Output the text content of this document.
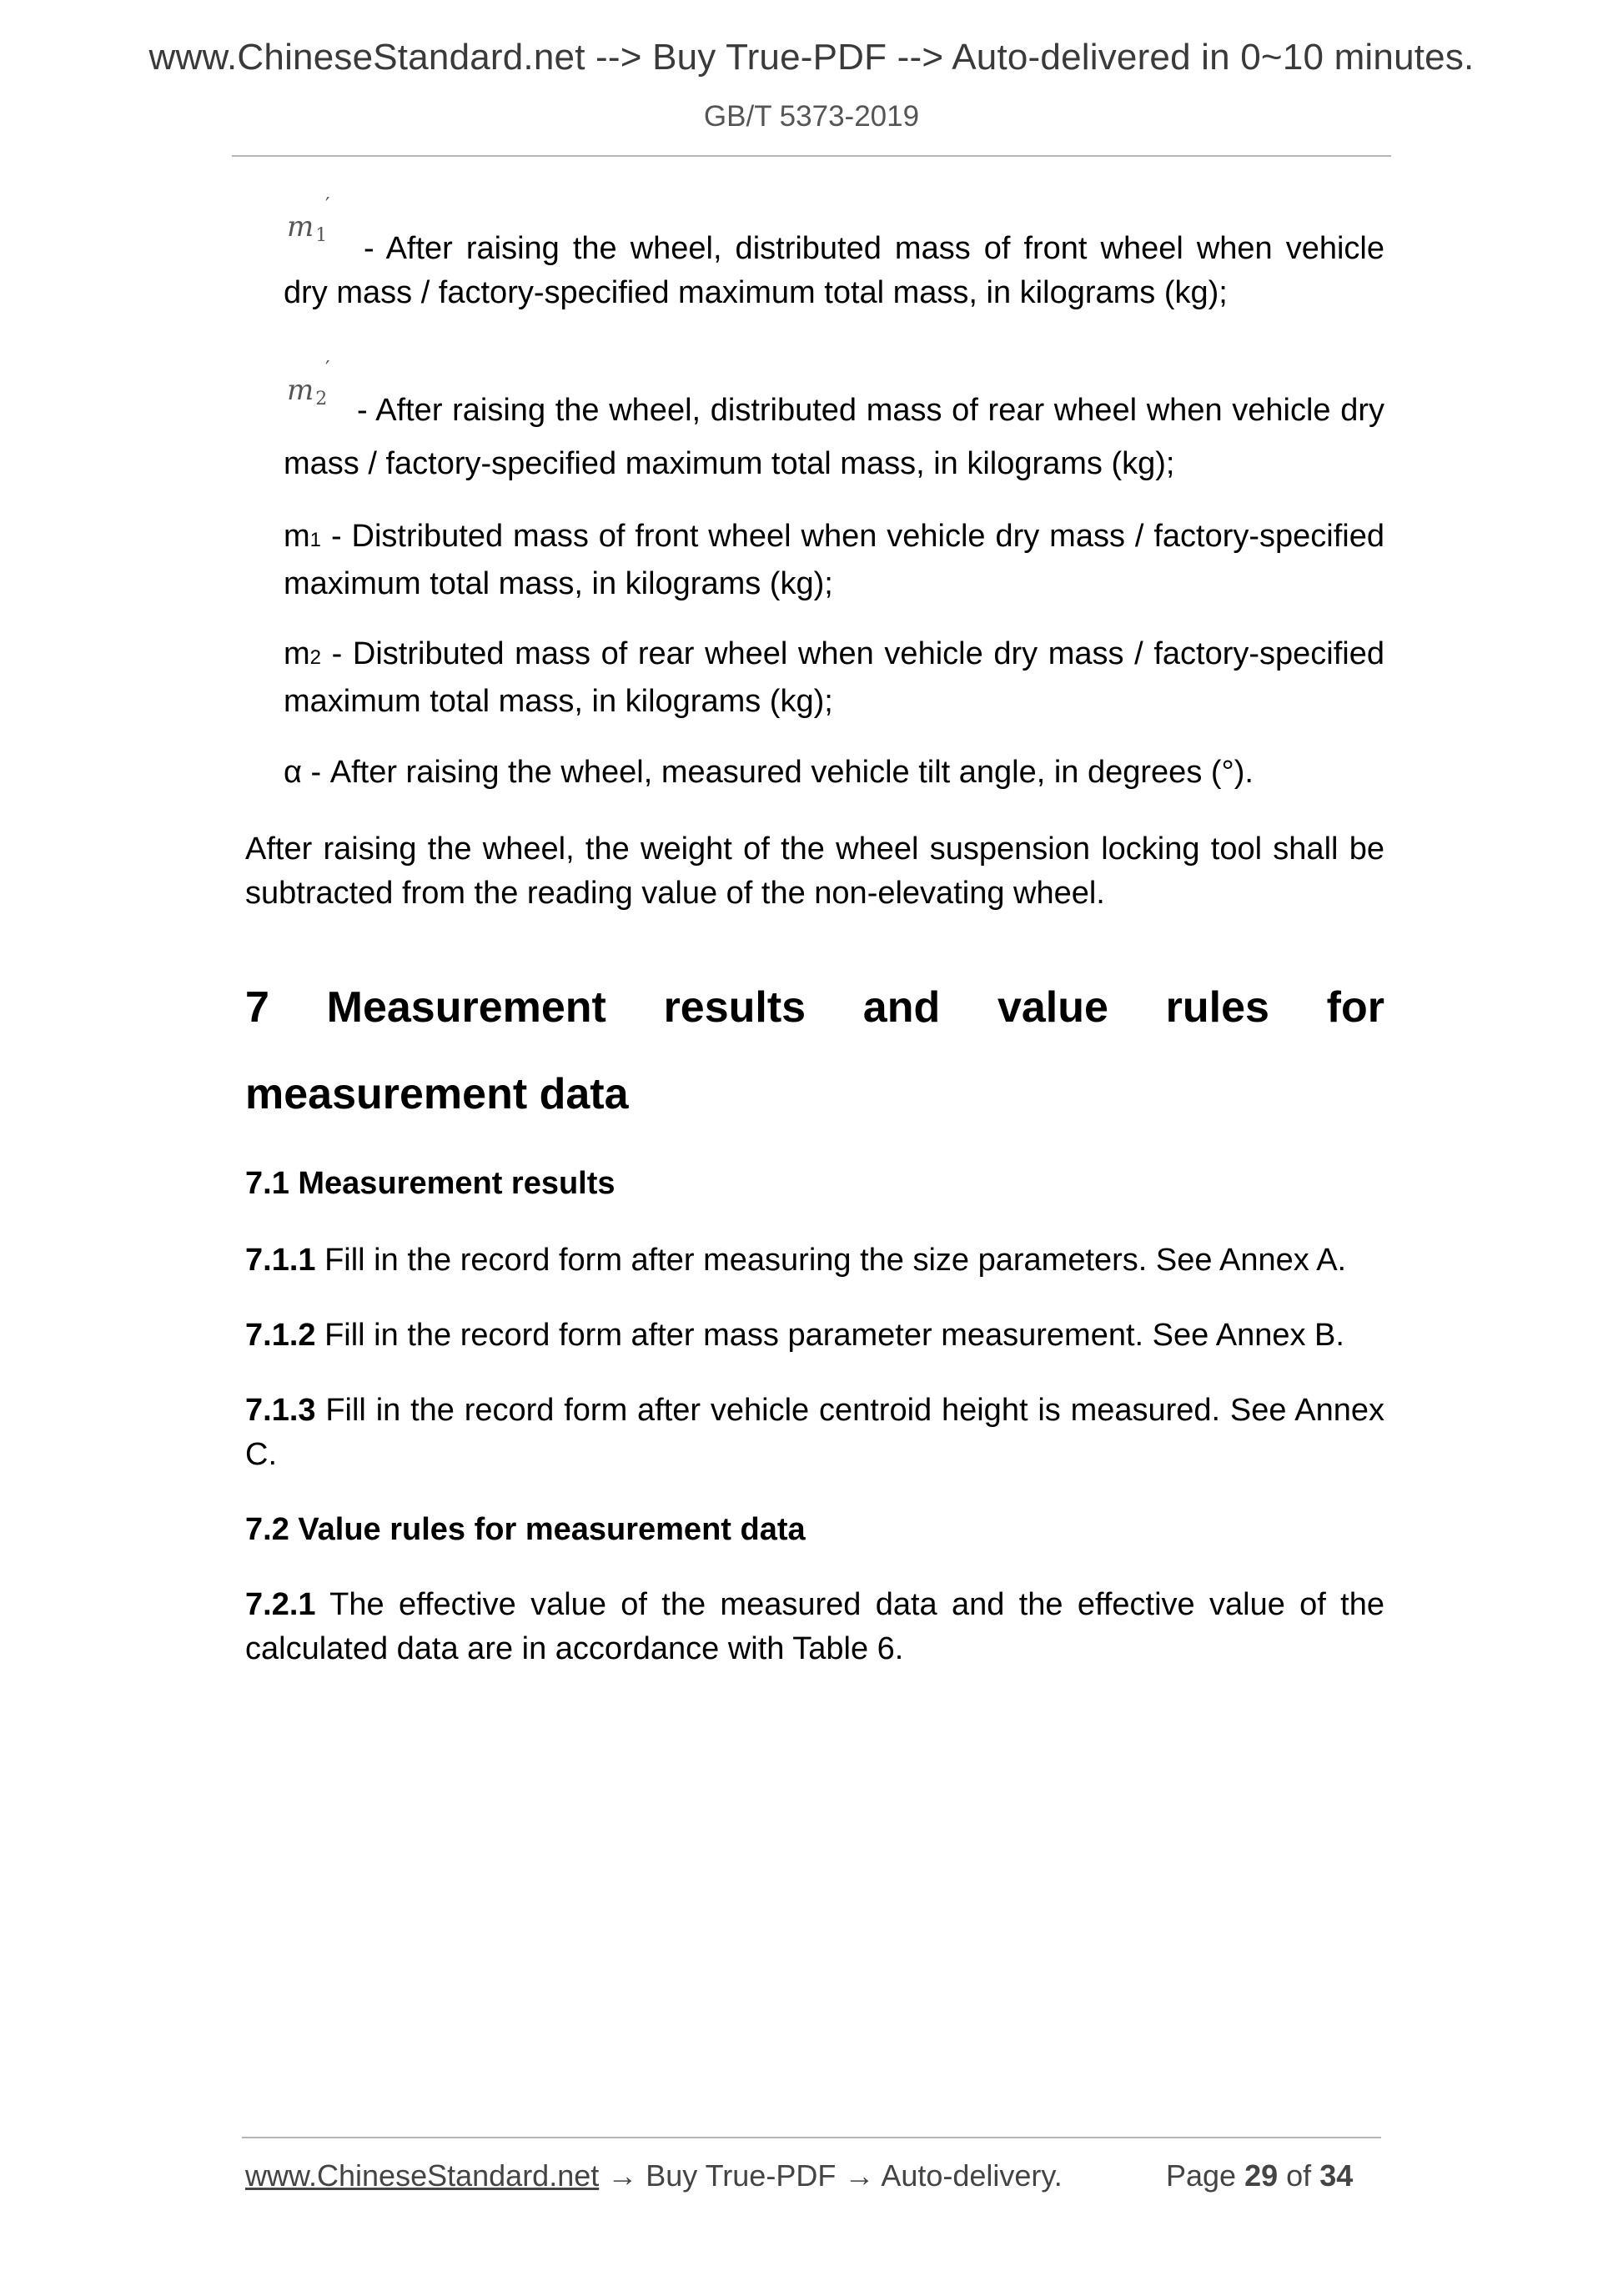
www.ChineseStandard.net --> Buy True-PDF --> Auto-delivered in 0~10 minutes.
GB/T 5373-2019
m1
′
- After raising the wheel, distributed mass of front wheel when vehicle dry mass / factory-specified maximum total mass, in kilograms (kg);
m2
′
- After raising the wheel, distributed mass of rear wheel when vehicle dry mass / factory-specified maximum total mass, in kilograms (kg);
m1 - Distributed mass of front wheel when vehicle dry mass / factory-specified maximum total mass, in kilograms (kg);
m2 - Distributed mass of rear wheel when vehicle dry mass / factory-specified maximum total mass, in kilograms (kg);
α - After raising the wheel, measured vehicle tilt angle, in degrees (°).
After raising the wheel, the weight of the wheel suspension locking tool shall be subtracted from the reading value of the non-elevating wheel.
7 Measurement results and value rules for
measurement data
7.1 Measurement results
7.1.1 Fill in the record form after measuring the size parameters. See Annex A.
7.1.2 Fill in the record form after mass parameter measurement. See Annex B.
7.1.3 Fill in the record form after vehicle centroid height is measured. See Annex C.
7.2 Value rules for measurement data
7.2.1 The effective value of the measured data and the effective value of the calculated data are in accordance with Table 6.
www.ChineseStandard.net → Buy True-PDF → Auto-delivery.	Page 29 of 34
